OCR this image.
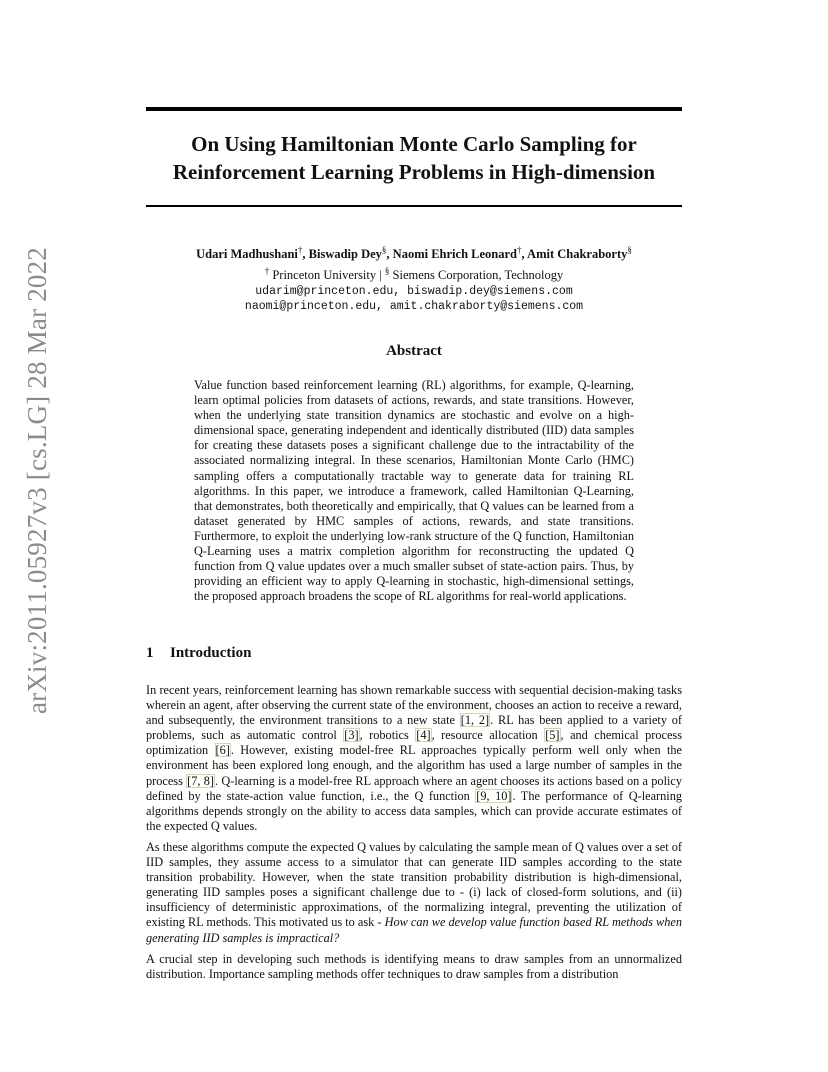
arXiv:2011.05927v3 [cs.LG] 28 Mar 2022
On Using Hamiltonian Monte Carlo Sampling for Reinforcement Learning Problems in High-dimension
Udari Madhushani†, Biswadip Dey§, Naomi Ehrich Leonard†, Amit Chakraborty§
† Princeton University | § Siemens Corporation, Technology
udarim@princeton.edu, biswadip.dey@siemens.com
naomi@princeton.edu, amit.chakraborty@siemens.com
Abstract

Value function based reinforcement learning (RL) algorithms, for example, Q-learning, learn optimal policies from datasets of actions, rewards, and state transitions. However, when the underlying state transition dynamics are stochastic and evolve on a high-dimensional space, generating independent and identically distributed (IID) data samples for creating these datasets poses a significant challenge due to the intractability of the associated normalizing integral. In these scenarios, Hamiltonian Monte Carlo (HMC) sampling offers a computationally tractable way to generate data for training RL algorithms. In this paper, we introduce a framework, called Hamiltonian Q-Learning, that demonstrates, both theoretically and empirically, that Q values can be learned from a dataset generated by HMC samples of actions, rewards, and state transitions. Furthermore, to exploit the underlying low-rank structure of the Q function, Hamiltonian Q-Learning uses a matrix completion algorithm for reconstructing the updated Q function from Q value updates over a much smaller subset of state-action pairs. Thus, by providing an efficient way to apply Q-learning in stochastic, high-dimensional settings, the proposed approach broadens the scope of RL algorithms for real-world applications.

1 Introduction

In recent years, reinforcement learning has shown remarkable success with sequential decision-making tasks wherein an agent, after observing the current state of the environment, chooses an action to receive a reward, and subsequently, the environment transitions to a new state [1, 2]. RL has been applied to a variety of problems, such as automatic control [3], robotics [4], resource allocation [5], and chemical process optimization [6]. However, existing model-free RL approaches typically perform well only when the environment has been explored long enough, and the algorithm has used a large number of samples in the process [7, 8]. Q-learning is a model-free RL approach where an agent chooses its actions based on a policy defined by the state-action value function, i.e., the Q function [9, 10]. The performance of Q-learning algorithms depends strongly on the ability to access data samples, which can provide accurate estimates of the expected Q values.

As these algorithms compute the expected Q values by calculating the sample mean of Q values over a set of IID samples, they assume access to a simulator that can generate IID samples according to the state transition probability. However, when the state transition probability distribution is high-dimensional, generating IID samples poses a significant challenge due to - (i) lack of closed-form solutions, and (ii) insufficiency of deterministic approximations, of the normalizing integral, preventing the utilization of existing RL methods. This motivated us to ask - How can we develop value function based RL methods when generating IID samples is impractical?

A crucial step in developing such methods is identifying means to draw samples from an unnormalized distribution. Importance sampling methods offer techniques to draw samples from a distribution
